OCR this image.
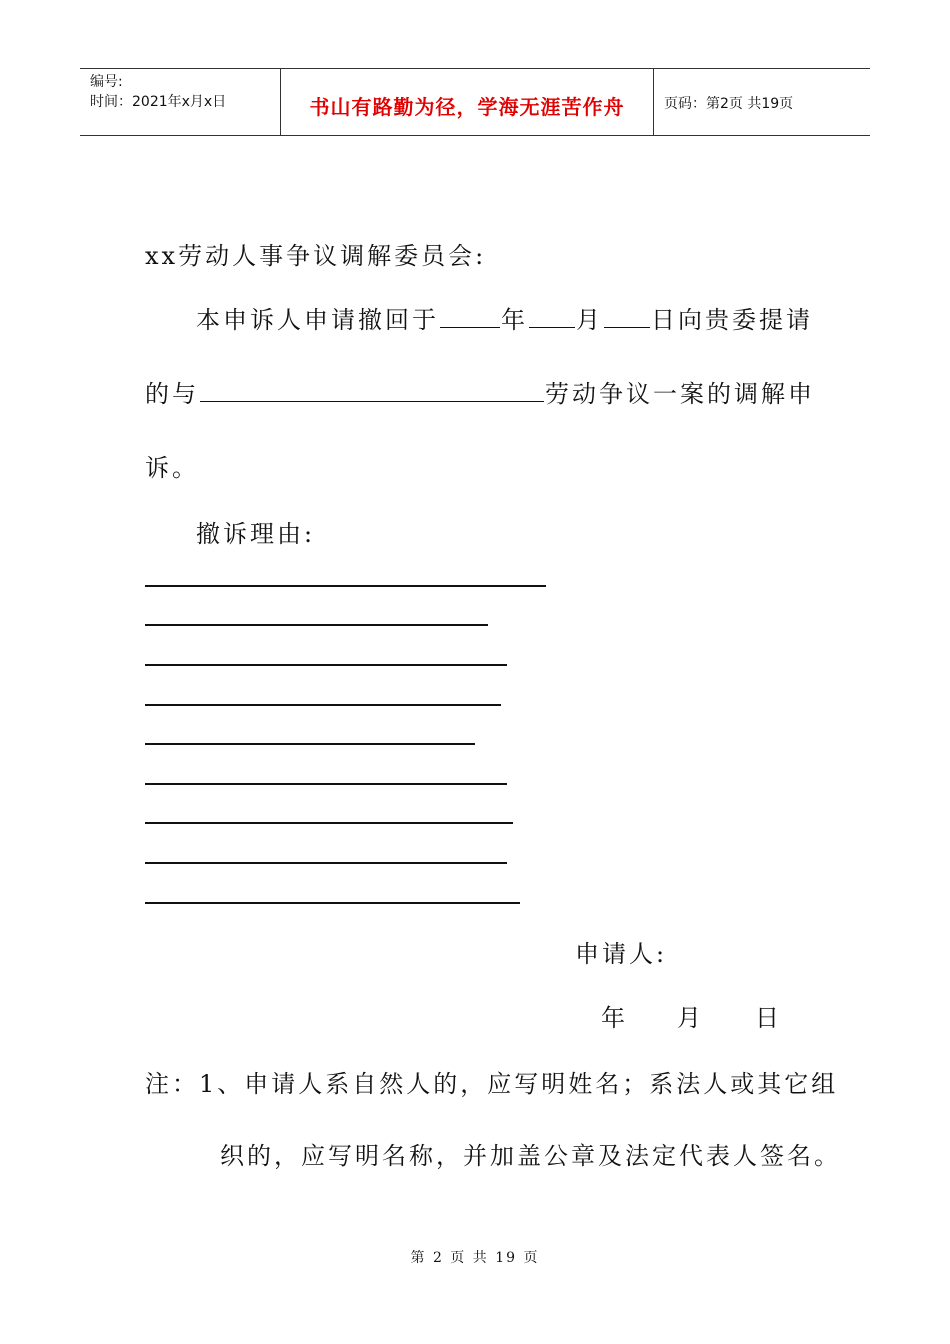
编号:
时间：2021年x月x日	书山有路勤为径，学海无涯苦作舟	页码：第2页 共19页
xx劳动人事争议调解委员会:
本申诉人申请撤回于	年 月 日向贵委提请
的与	劳动争议一案的调解申
诉。
撤诉理由:
申请人:
年 月 日
注：1、申请人系自然人的，应写明姓名；系法人或其它组
织的，应写明名称，并加盖公章及法定代表人签名。
第 2 页 共 19 页
